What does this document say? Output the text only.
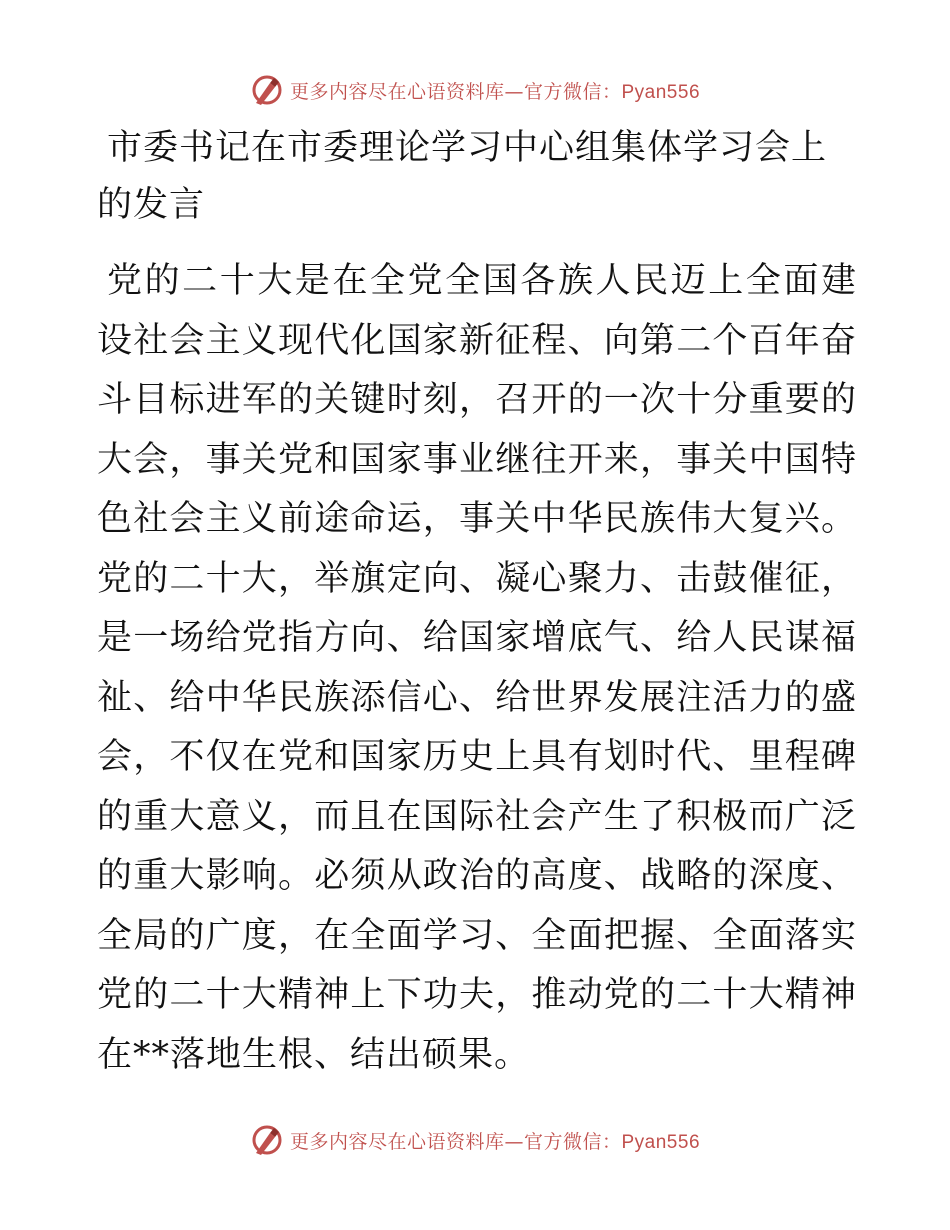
更多内容尽在心语资料库—官方微信：Pyan556
市委书记在市委理论学习中心组集体学习会上的发言

党的二十大是在全党全国各族人民迈上全面建设社会主义现代化国家新征程、向第二个百年奋斗目标进军的关键时刻，召开的一次十分重要的大会，事关党和国家事业继往开来，事关中国特色社会主义前途命运，事关中华民族伟大复兴。党的二十大，举旗定向、凝心聚力、击鼓催征，是一场给党指方向、给国家增底气、给人民谋福祉、给中华民族添信心、给世界发展注活力的盛会，不仅在党和国家历史上具有划时代、里程碑的重大意义，而且在国际社会产生了积极而广泛的重大影响。必须从政治的高度、战略的深度、全局的广度，在全面学习、全面把握、全面落实党的二十大精神上下功夫，推动党的二十大精神在**落地生根、结出硕果。

更多内容尽在心语资料库—官方微信：Pyan556
